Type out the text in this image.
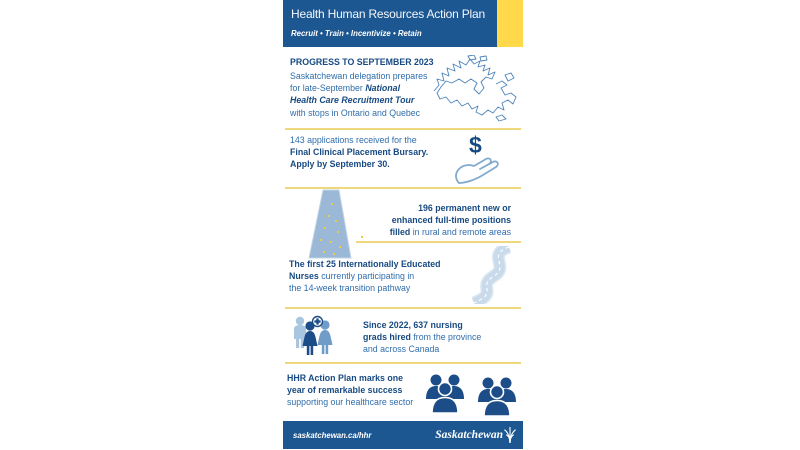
Health Human Resources Action Plan
Recruit • Train • Incentivize • Retain
PROGRESS TO SEPTEMBER 2023
Saskatchewan delegation prepares
for late-September National
Health Care Recruitment Tour
with stops in Ontario and Quebec
143 applications received for the
Final Clinical Placement Bursary.
Apply by September 30.
$
196 permanent new or
enhanced full-time positions
filled in rural and remote areas
The first 25 Internationally Educated
Nurses currently participating in
the 14-week transition pathway
Since 2022, 637 nursing
grads hired from the province
and across Canada
HHR Action Plan marks one
year of remarkable success
supporting our healthcare sector
saskatchewan.ca/hhr	Saskatchewan
